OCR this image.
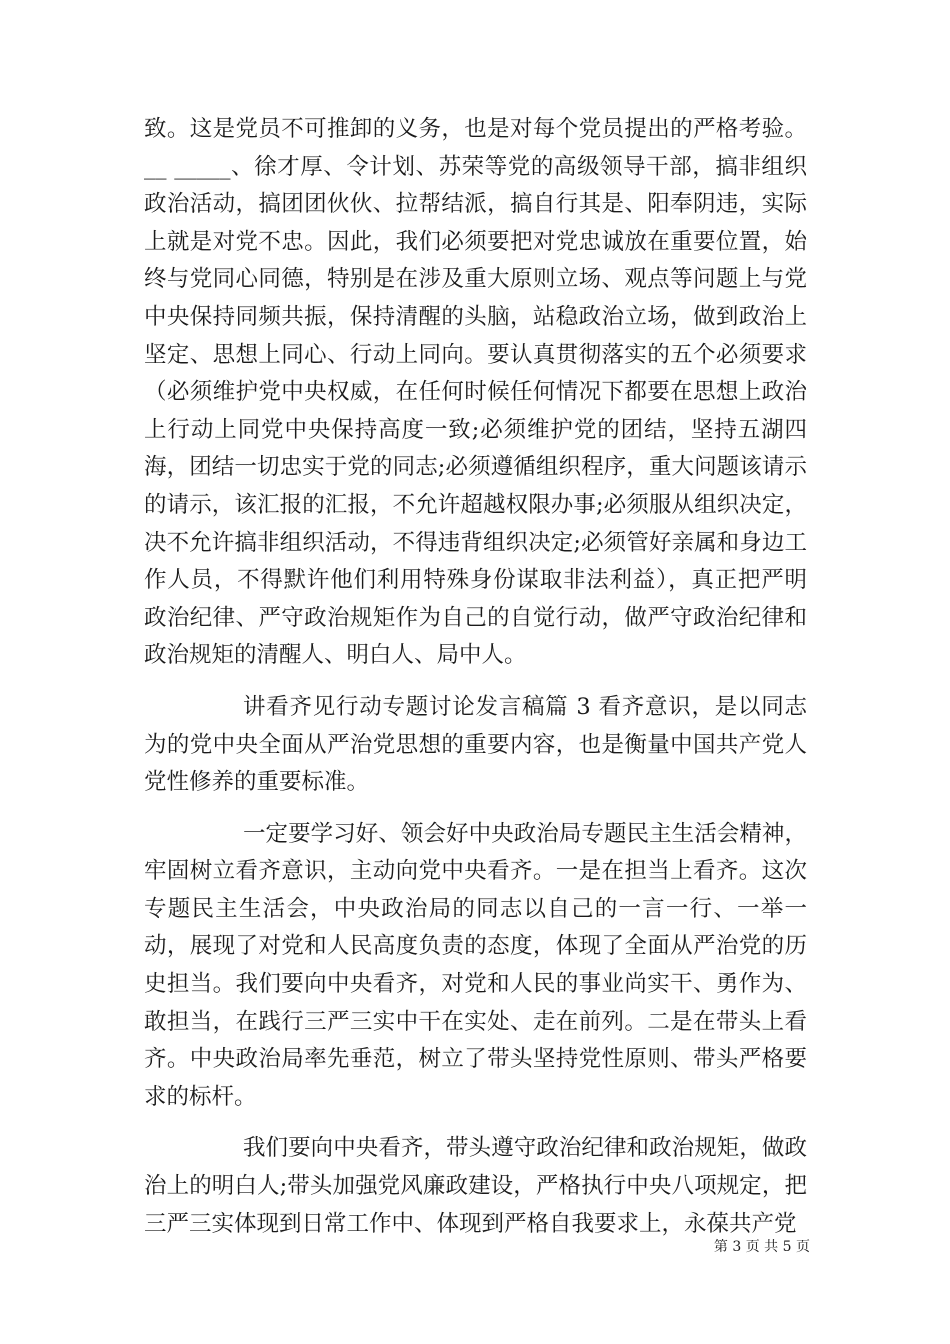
致。这是党员不可推卸的义务，也是对每个党员提出的严格考验。__ _____、徐才厚、令计划、苏荣等党的高级领导干部，搞非组织政治活动，搞团团伙伙、拉帮结派，搞自行其是、阳奉阴违，实际上就是对党不忠。因此，我们必须要把对党忠诚放在重要位置，始终与党同心同德，特别是在涉及重大原则立场、观点等问题上与党中央保持同频共振，保持清醒的头脑，站稳政治立场，做到政治上坚定、思想上同心、行动上同向。要认真贯彻落实的五个必须要求（必须维护党中央权威，在任何时候任何情况下都要在思想上政治上行动上同党中央保持高度一致;必须维护党的团结，坚持五湖四海，团结一切忠实于党的同志;必须遵循组织程序，重大问题该请示的请示，该汇报的汇报，不允许超越权限办事;必须服从组织决定，决不允许搞非组织活动，不得违背组织决定;必须管好亲属和身边工作人员，不得默许他们利用特殊身份谋取非法利益），真正把严明政治纪律、严守政治规矩作为自己的自觉行动，做严守政治纪律和政治规矩的清醒人、明白人、局中人。

讲看齐见行动专题讨论发言稿篇 3 看齐意识，是以同志为的党中央全面从严治党思想的重要内容，也是衡量中国共产党人党性修养的重要标准。

一定要学习好、领会好中央政治局专题民主生活会精神，牢固树立看齐意识，主动向党中央看齐。一是在担当上看齐。这次专题民主生活会，中央政治局的同志以自己的一言一行、一举一动，展现了对党和人民高度负责的态度，体现了全面从严治党的历史担当。我们要向中央看齐，对党和人民的事业尚实干、勇作为、敢担当，在践行三严三实中干在实处、走在前列。二是在带头上看齐。中央政治局率先垂范，树立了带头坚持党性原则、带头严格要求的标杆。

我们要向中央看齐，带头遵守政治纪律和政治规矩，做政治上的明白人;带头加强党风廉政建设，严格执行中央八项规定，把三严三实体现到日常工作中、体现到严格自我要求上，永葆共产党

第 3 页 共 5 页
